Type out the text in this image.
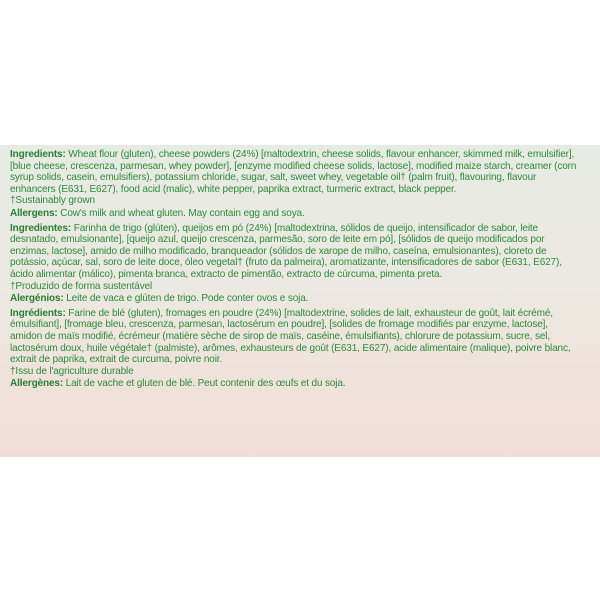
Ingredients: Wheat flour (gluten), cheese powders (24%) [maltodextrin, cheese solids, flavour enhancer, skimmed milk, emulsifier], [blue cheese, crescenza, parmesan, whey powder], [enzyme modified cheese solids, lactose], modified maize starch, creamer (corn syrup solids, casein, emulsifiers), potassium chloride, sugar, salt, sweet whey, vegetable oil† (palm fruit), flavouring, flavour enhancers (E631, E627), food acid (malic), white pepper, paprika extract, turmeric extract, black pepper.

†Sustainably grown

Allergens: Cow's milk and wheat gluten. May contain egg and soya.

Ingredientes: Farinha de trigo (glúten), queijos em pó (24%) [maltodextrina, sólidos de queijo, intensificador de sabor, leite desnatado, emulsionante], [queijo azul, queijo crescenza, parmesão, soro de leite em pó], [sólidos de queijo modificados por enzimas, lactose], amido de milho modificado, branqueador (sólidos de xarope de milho, caseína, emulsionantes), cloreto de potássio, açúcar, sal, soro de leite doce, óleo vegetal† (fruto da palmeira), aromatizante, intensificadores de sabor (E631, E627), ácido alimentar (málico), pimenta branca, extracto de pimentão, extracto de cúrcuma, pimenta preta.

†Produzido de forma sustentável

Alergénios: Leite de vaca e glúten de trigo. Pode conter ovos e soja.

Ingrédients: Farine de blé (gluten), fromages en poudre (24%) [maltodextrine, solides de lait, exhausteur de goût, lait écrémé, émulsifiant], [fromage bleu, crescenza, parmesan, lactosérum en poudre], [solides de fromage modifiés par enzyme, lactose], amidon de maïs modifié, écrémeur (matière sèche de sirop de maïs, caséine, émulsifiants), chlorure de potassium, sucre, sel, lactosérum doux, huile végétale† (palmiste), arômes, exhausteurs de goût (E631, E627), acide alimentaire (malique), poivre blanc, extrait de paprika, extrait de curcuma, poivre noir.

†Issu de l'agriculture durable

Allergènes: Lait de vache et gluten de blé. Peut contenir des œufs et du soja.
